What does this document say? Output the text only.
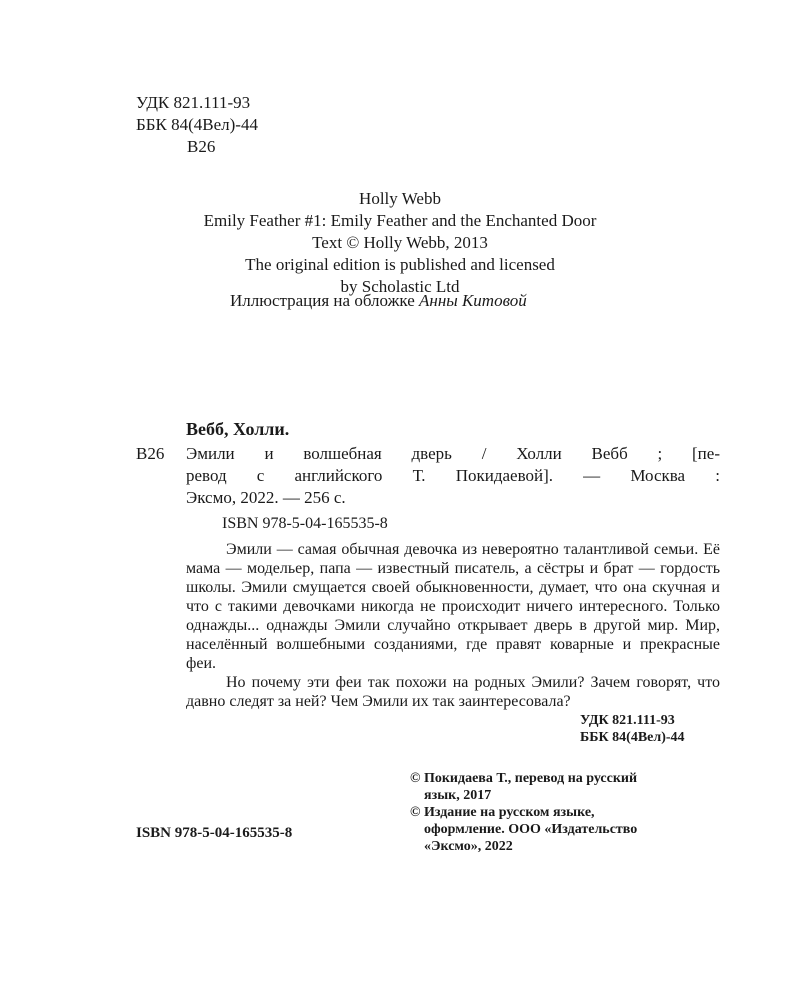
УДК 821.111-93
ББК 84(4Вел)-44
В26
Holly Webb
Emily Feather #1: Emily Feather and the Enchanted Door
Text © Holly Webb, 2013
The original edition is published and licensed
by Scholastic Ltd
Иллюстрация на обложке Анны Китовой
Вебб, Холли.
В26 Эмили и волшебная дверь / Холли Вебб ; [пе-
ревод с английского Т. Покидаевой]. — Москва :
Эксмо, 2022. — 256 с.
ISBN 978-5-04-165535-8
Эмили — самая обычная девочка из невероятно талантливой семьи. Её мама — модельер, папа — известный писатель, а сёстры и брат — гордость школы. Эмили смущается своей обыкновенности, думает, что она скучная и что с такими девочками никогда не происходит ничего интересного. Только однажды... однажды Эмили случайно открывает дверь в другой мир. Мир, населённый волшебными созданиями, где правят коварные и прекрасные феи.
Но почему эти феи так похожи на родных Эмили? Зачем говорят, что давно следят за ней? Чем Эмили их так заинтересовала?
УДК 821.111-93
ББК 84(4Вел)-44
© Покидаева Т., перевод на русский
язык, 2017
© Издание на русском языке,
оформление. ООО «Издательство
«Эксмо», 2022
ISBN 978-5-04-165535-8
